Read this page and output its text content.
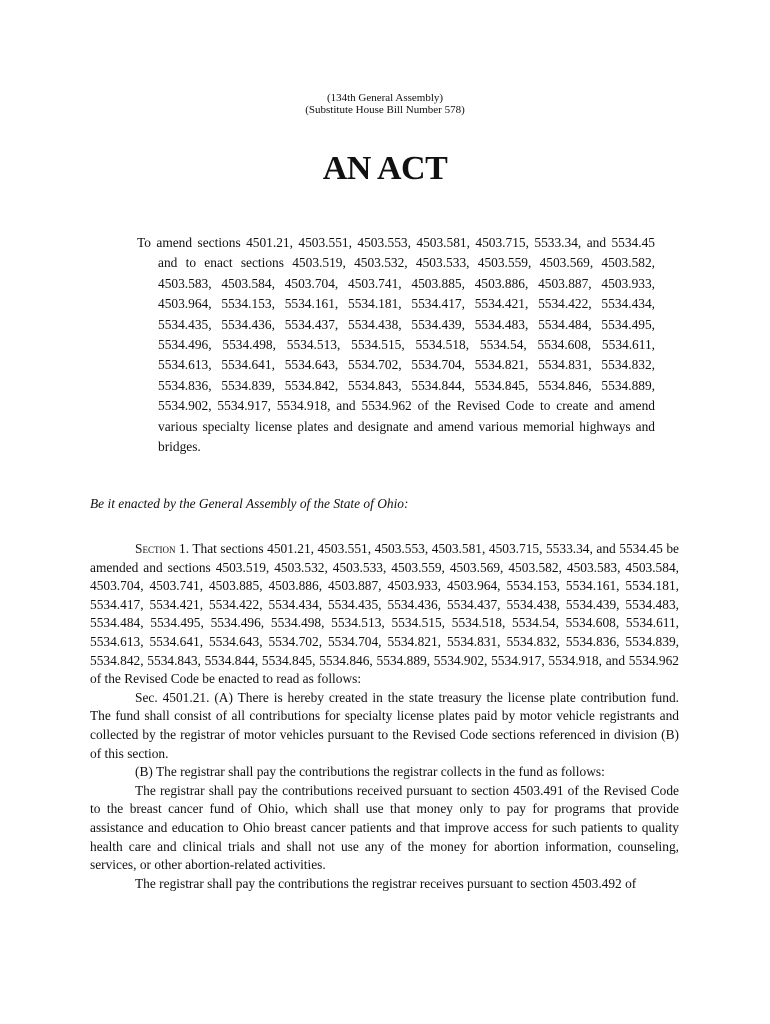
(134th General Assembly)
(Substitute House Bill Number 578)
AN ACT
To amend sections 4501.21, 4503.551, 4503.553, 4503.581, 4503.715, 5533.34, and 5534.45 and to enact sections 4503.519, 4503.532, 4503.533, 4503.559, 4503.569, 4503.582, 4503.583, 4503.584, 4503.704, 4503.741, 4503.885, 4503.886, 4503.887, 4503.933, 4503.964, 5534.153, 5534.161, 5534.181, 5534.417, 5534.421, 5534.422, 5534.434, 5534.435, 5534.436, 5534.437, 5534.438, 5534.439, 5534.483, 5534.484, 5534.495, 5534.496, 5534.498, 5534.513, 5534.515, 5534.518, 5534.54, 5534.608, 5534.611, 5534.613, 5534.641, 5534.643, 5534.702, 5534.704, 5534.821, 5534.831, 5534.832, 5534.836, 5534.839, 5534.842, 5534.843, 5534.844, 5534.845, 5534.846, 5534.889, 5534.902, 5534.917, 5534.918, and 5534.962 of the Revised Code to create and amend various specialty license plates and designate and amend various memorial highways and bridges.
Be it enacted by the General Assembly of the State of Ohio:

Section 1. That sections 4501.21, 4503.551, 4503.553, 4503.581, 4503.715, 5533.34, and 5534.45 be amended and sections 4503.519, 4503.532, 4503.533, 4503.559, 4503.569, 4503.582, 4503.583, 4503.584, 4503.704, 4503.741, 4503.885, 4503.886, 4503.887, 4503.933, 4503.964, 5534.153, 5534.161, 5534.181, 5534.417, 5534.421, 5534.422, 5534.434, 5534.435, 5534.436, 5534.437, 5534.438, 5534.439, 5534.483, 5534.484, 5534.495, 5534.496, 5534.498, 5534.513, 5534.515, 5534.518, 5534.54, 5534.608, 5534.611, 5534.613, 5534.641, 5534.643, 5534.702, 5534.704, 5534.821, 5534.831, 5534.832, 5534.836, 5534.839, 5534.842, 5534.843, 5534.844, 5534.845, 5534.846, 5534.889, 5534.902, 5534.917, 5534.918, and 5534.962 of the Revised Code be enacted to read as follows:

Sec. 4501.21. (A) There is hereby created in the state treasury the license plate contribution fund. The fund shall consist of all contributions for specialty license plates paid by motor vehicle registrants and collected by the registrar of motor vehicles pursuant to the Revised Code sections referenced in division (B) of this section.

(B) The registrar shall pay the contributions the registrar collects in the fund as follows:

The registrar shall pay the contributions received pursuant to section 4503.491 of the Revised Code to the breast cancer fund of Ohio, which shall use that money only to pay for programs that provide assistance and education to Ohio breast cancer patients and that improve access for such patients to quality health care and clinical trials and shall not use any of the money for abortion information, counseling, services, or other abortion-related activities.

The registrar shall pay the contributions the registrar receives pursuant to section 4503.492 of
